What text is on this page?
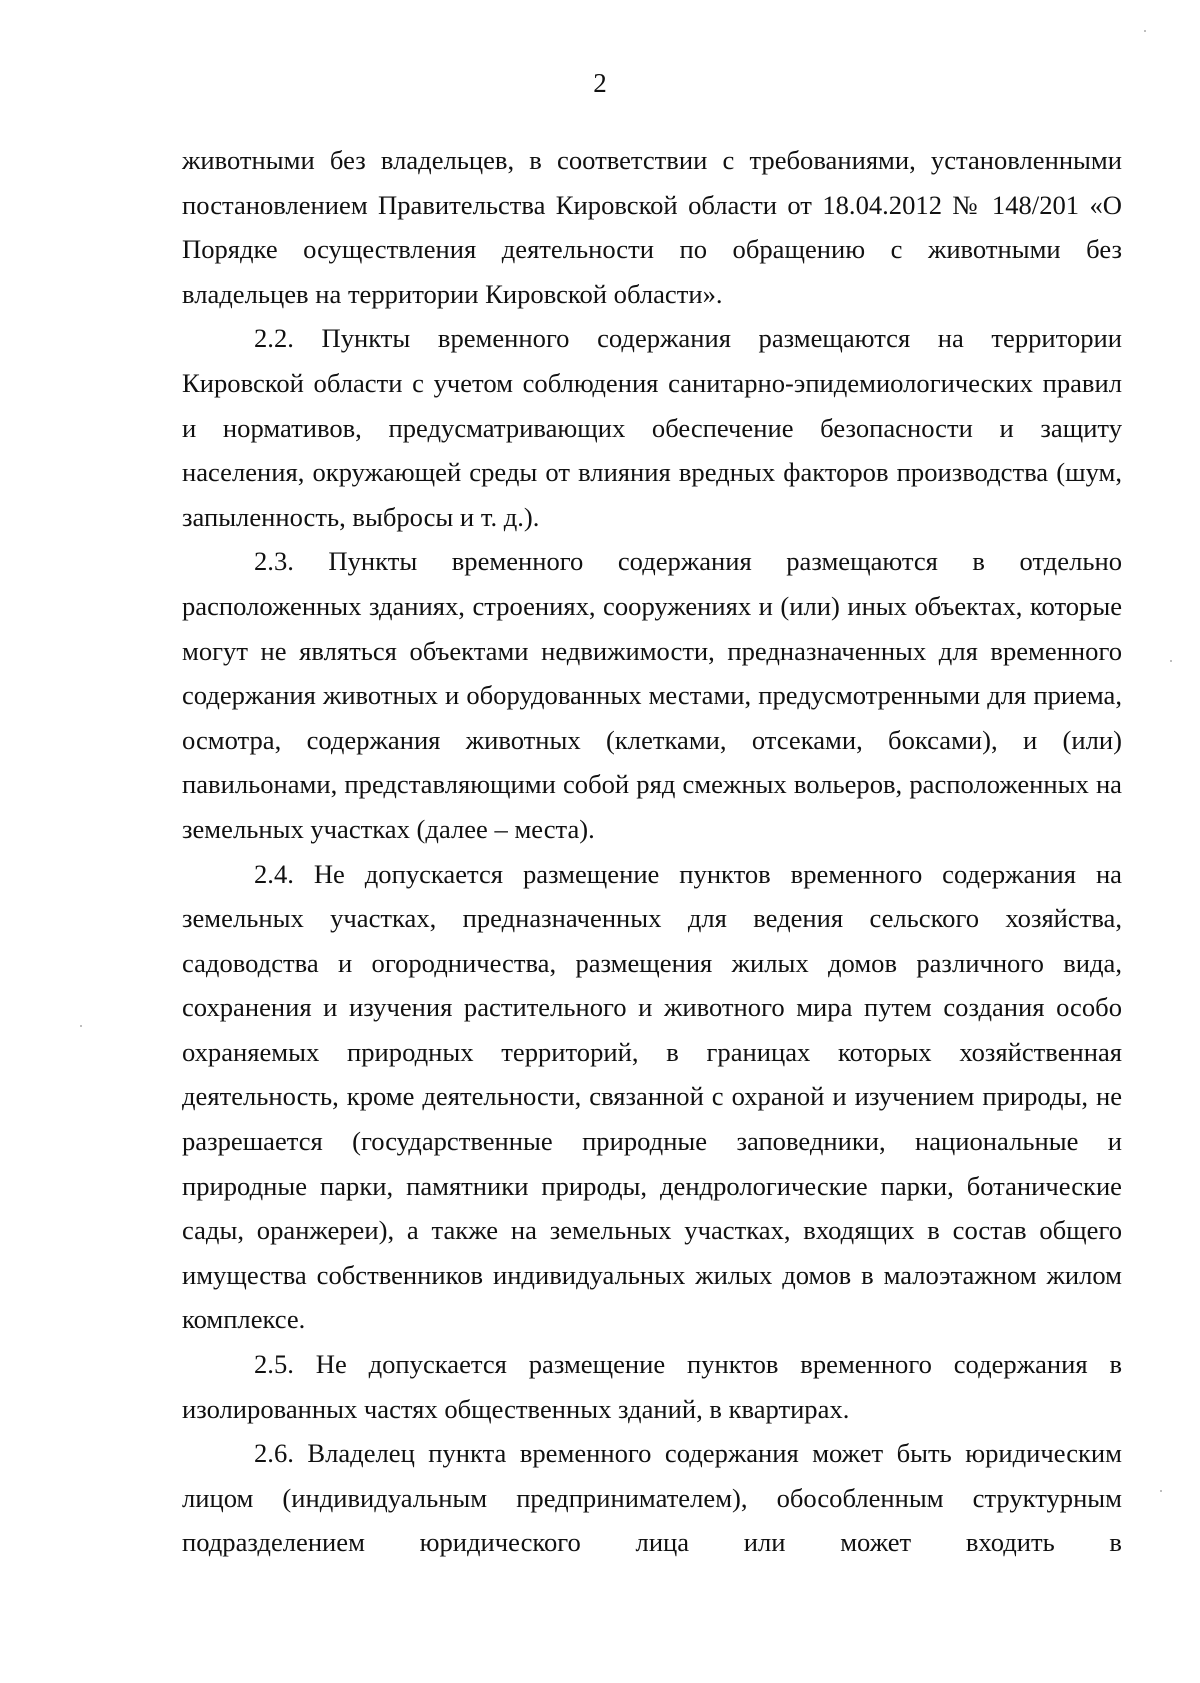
2

животными без владельцев, в соответствии с требованиями, установленными постановлением Правительства Кировской области от 18.04.2012 № 148/201 «О Порядке осуществления деятельности по обращению с животными без владельцев на территории Кировской области».

2.2. Пункты временного содержания размещаются на территории Кировской области с учетом соблюдения санитарно-эпидемиологических правил и нормативов, предусматривающих обеспечение безопасности и защиту населения, окружающей среды от влияния вредных факторов производства (шум, запыленность, выбросы и т. д.).

2.3. Пункты временного содержания размещаются в отдельно расположенных зданиях, строениях, сооружениях и (или) иных объектах, которые могут не являться объектами недвижимости, предназначенных для временного содержания животных и оборудованных местами, предусмотренными для приема, осмотра, содержания животных (клетками, отсеками, боксами), и (или) павильонами, представляющими собой ряд смежных вольеров, расположенных на земельных участках (далее – места).

2.4. Не допускается размещение пунктов временного содержания на земельных участках, предназначенных для ведения сельского хозяйства, садоводства и огородничества, размещения жилых домов различного вида, сохранения и изучения растительного и животного мира путем создания особо охраняемых природных территорий, в границах которых хозяйственная деятельность, кроме деятельности, связанной с охраной и изучением природы, не разрешается (государственные природные заповедники, национальные и природные парки, памятники природы, дендрологические парки, ботанические сады, оранжереи), а также на земельных участках, входящих в состав общего имущества собственников индивидуальных жилых домов в малоэтажном жилом комплексе.

2.5. Не допускается размещение пунктов временного содержания в изолированных частях общественных зданий, в квартирах.

2.6. Владелец пункта временного содержания может быть юридическим лицом (индивидуальным предпринимателем), обособленным структурным подразделением юридического лица или может входить в
